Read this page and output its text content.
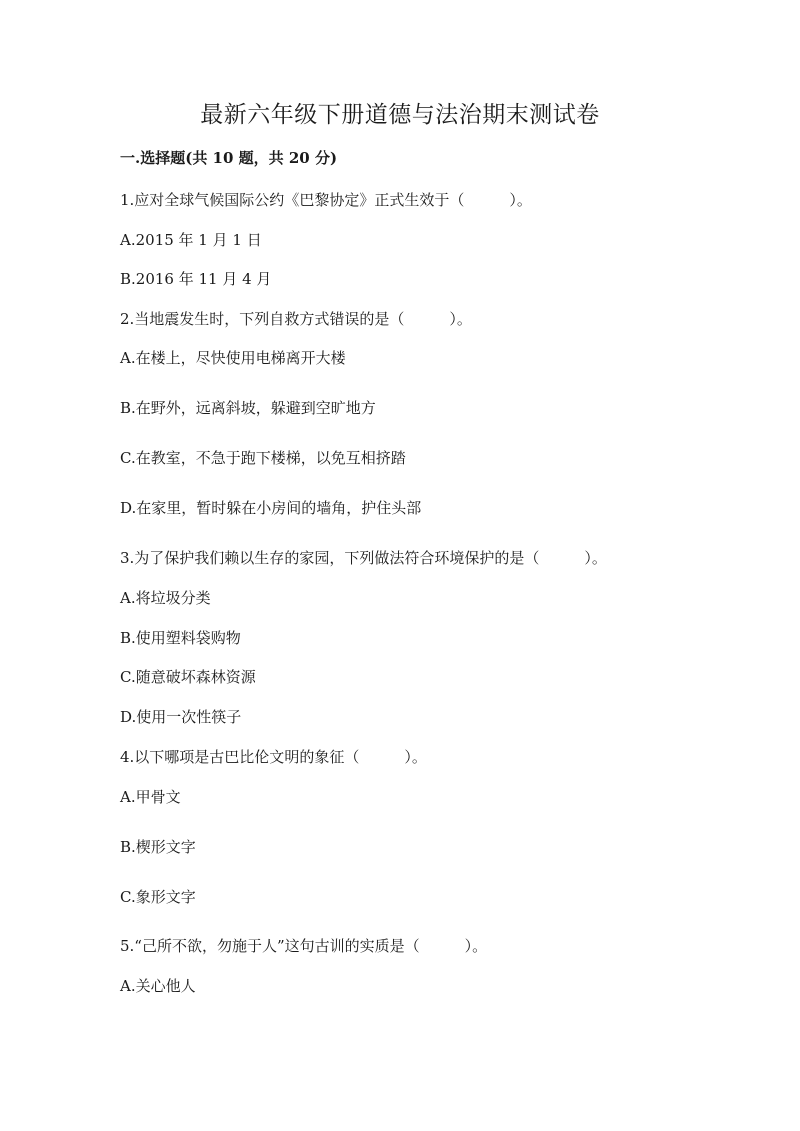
最新六年级下册道德与法治期末测试卷

一.选择题(共 10 题，共 20 分)

1.应对全球气候国际公约《巴黎协定》正式生效于（　　　）。

A.2015 年 1 月 1 日

B.2016 年 11 月 4 月

2.当地震发生时，下列自救方式错误的是（　　　）。

A.在楼上，尽快使用电梯离开大楼

B.在野外，远离斜坡，躲避到空旷地方

C.在教室，不急于跑下楼梯，以免互相挤踏

D.在家里，暂时躲在小房间的墙角，护住头部

3.为了保护我们赖以生存的家园，下列做法符合环境保护的是（　　　）。

A.将垃圾分类

B.使用塑料袋购物

C.随意破坏森林资源

D.使用一次性筷子

4.以下哪项是古巴比伦文明的象征（　　　）。

A.甲骨文

B.楔形文字

C.象形文字

5.“己所不欲，勿施于人”这句古训的实质是（　　　）。

A.关心他人
